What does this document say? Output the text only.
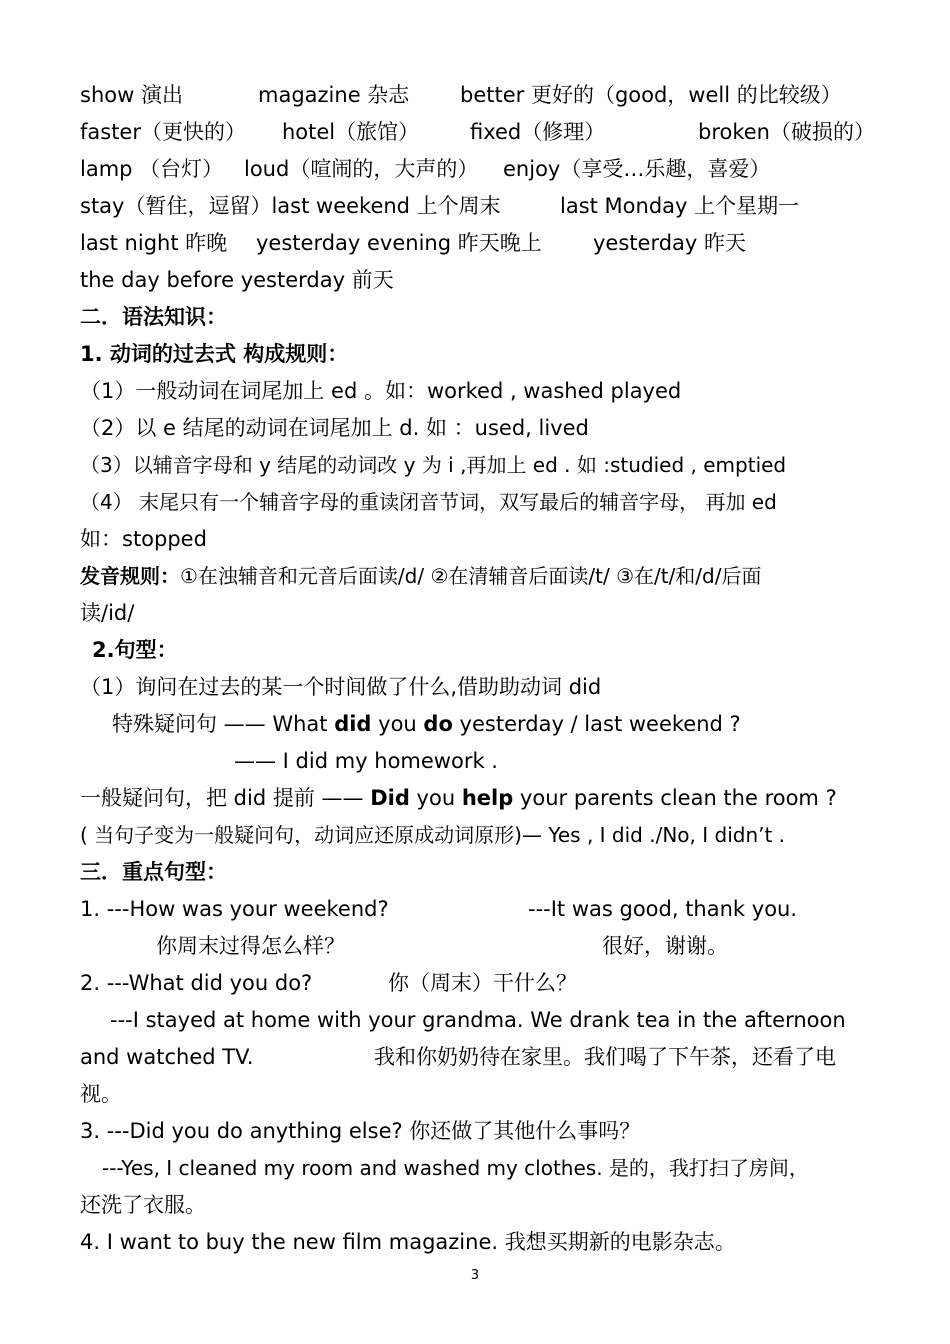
show 演出	magazine 杂志 better 更好的（good，well 的比较级）
faster（更快的） hotel（旅馆） fixed（修理）	broken（破损的）
lamp （台灯） loud（喧闹的，大声的） enjoy（享受…乐趣，喜爱）
stay（暂住，逗留）last weekend 上个周末	last Monday 上个星期一
last night 昨晚 yesterday evening 昨天晚上 yesterday 昨天
the day before yesterday 前天
二．语法知识：
1. 动词的过去式 构成规则：
（1）一般动词在词尾加上 ed 。如：worked , washed played
（2）以 e 结尾的动词在词尾加上 d. 如 ：used, lived
（3）以辅音字母和 y 结尾的动词改 y 为 i ,再加上 ed . 如 :studied , emptied
（4） 末尾只有一个辅音字母的重读闭音节词，双写最后的辅音字母， 再加 ed
如：stopped
发音规则：①在浊辅音和元音后面读/d/ ②在清辅音后面读/t/ ③在/t/和/d/后面
读/id/
2.句型：
（1）询问在过去的某一个时间做了什么,借助助动词 did
特殊疑问句 —— What did you do yesterday / last weekend ?
—— I did my homework .
一般疑问句，把 did 提前 —— Did you help your parents clean the room ?
( 当句子变为一般疑问句，动词应还原成动词原形)— Yes , I did ./No, I didn’t .
三．重点句型：
1. ---How was your weekend?	---It was good, thank you.
你周末过得怎么样？	很好，谢谢。
2. ---What did you do?	你（周末）干什么？
---I stayed at home with your grandma. We drank tea in the afternoon
and watched TV.	我和你奶奶待在家里。我们喝了下午茶，还看了电
视。
3. ---Did you do anything else? 你还做了其他什么事吗？
---Yes, I cleaned my room and washed my clothes. 是的，我打扫了房间，
还洗了衣服。
4. I want to buy the new film magazine. 我想买期新的电影杂志。
3
